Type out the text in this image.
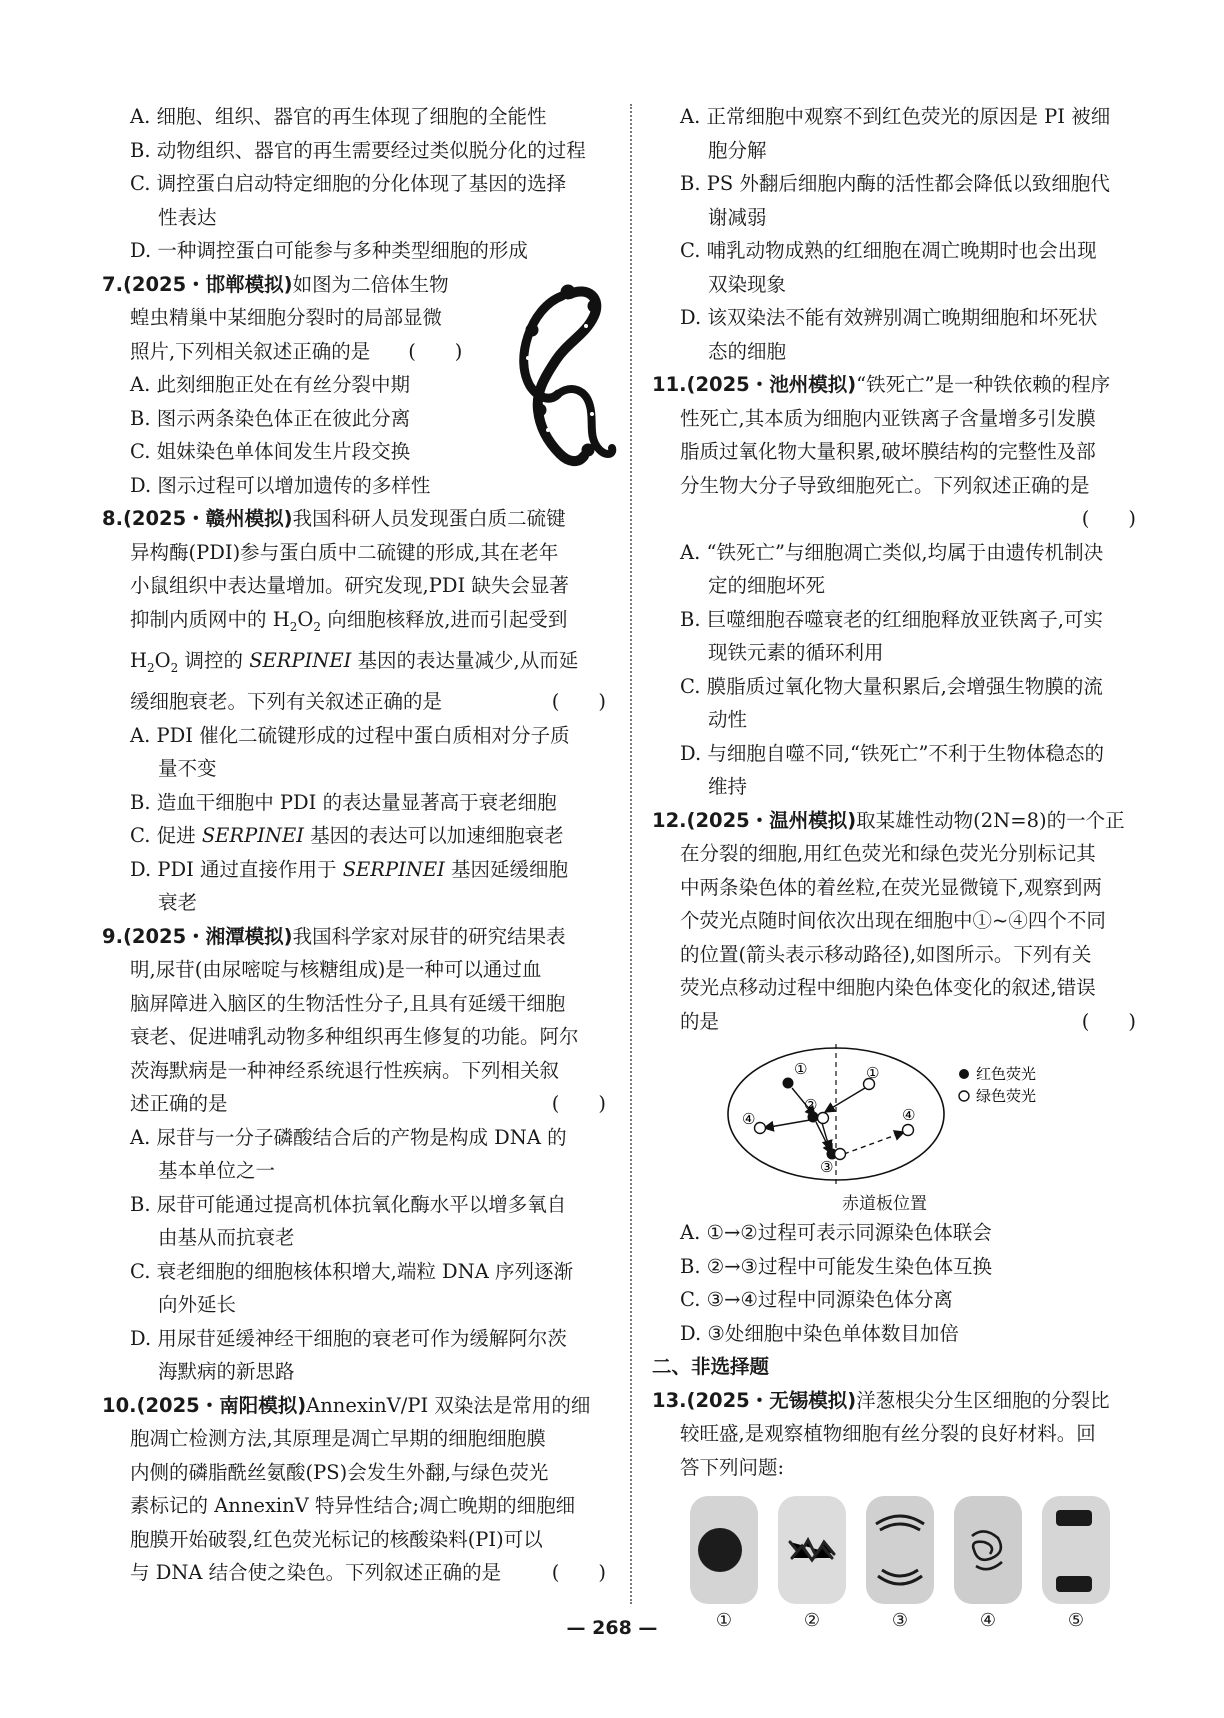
A. 细胞、组织、器官的再生体现了细胞的全能性
B. 动物组织、器官的再生需要经过类似脱分化的过程
C. 调控蛋白启动特定细胞的分化体现了基因的选择
性表达
D. 一种调控蛋白可能参与多种类型细胞的形成
7.(2025・邯郸模拟)如图为二倍体生物
蝗虫精巢中某细胞分裂时的局部显微
照片,下列相关叙述正确的是 (　　)
A. 此刻细胞正处在有丝分裂中期
B. 图示两条染色体正在彼此分离
C. 姐妹染色单体间发生片段交换
D. 图示过程可以增加遗传的多样性
8.(2025・赣州模拟)我国科研人员发现蛋白质二硫键
异构酶(PDI)参与蛋白质中二硫键的形成,其在老年
小鼠组织中表达量增加。研究发现,PDI 缺失会显著
抑制内质网中的 $H_2O_2$ 向细胞核释放,进而引起受到
$H_2O_2$ 调控的 SERPINEI 基因的表达量减少,从而延
缓细胞衰老。下列有关叙述正确的是	(　　)
A. PDI 催化二硫键形成的过程中蛋白质相对分子质
量不变
B. 造血干细胞中 PDI 的表达量显著高于衰老细胞
C. 促进 SERPINEI 基因的表达可以加速细胞衰老
D. PDI 通过直接作用于 SERPINEI 基因延缓细胞
衰老
9.(2025・湘潭模拟)我国科学家对尿苷的研究结果表
明,尿苷(由尿嘧啶与核糖组成)是一种可以通过血
脑屏障进入脑区的生物活性分子,且具有延缓干细胞
衰老、促进哺乳动物多种组织再生修复的功能。阿尔
茨海默病是一种神经系统退行性疾病。下列相关叙
述正确的是	(　　)
A. 尿苷与一分子磷酸结合后的产物是构成 DNA 的
基本单位之一
B. 尿苷可能通过提高机体抗氧化酶水平以增多氧自
由基从而抗衰老
C. 衰老细胞的细胞核体积增大,端粒 DNA 序列逐渐
向外延长
D. 用尿苷延缓神经干细胞的衰老可作为缓解阿尔茨
海默病的新思路
10.(2025・南阳模拟)AnnexinV/PI 双染法是常用的细
胞凋亡检测方法,其原理是凋亡早期的细胞细胞膜
内侧的磷脂酰丝氨酸(PS)会发生外翻,与绿色荧光
素标记的 AnnexinV 特异性结合;凋亡晚期的细胞细
胞膜开始破裂,红色荧光标记的核酸染料(PI)可以
与 DNA 结合使之染色。下列叙述正确的是	(　　)
A. 正常细胞中观察不到红色荧光的原因是 PI 被细
胞分解
B. PS 外翻后细胞内酶的活性都会降低以致细胞代
谢减弱
C. 哺乳动物成熟的红细胞在凋亡晚期时也会出现
双染现象
D. 该双染法不能有效辨别凋亡晚期细胞和坏死状
态的细胞
11.(2025・池州模拟)“铁死亡”是一种铁依赖的程序
性死亡,其本质为细胞内亚铁离子含量增多引发膜
脂质过氧化物大量积累,破坏膜结构的完整性及部
分生物大分子导致细胞死亡。下列叙述正确的是
(　　)
A. “铁死亡”与细胞凋亡类似,均属于由遗传机制决
定的细胞坏死
B. 巨噬细胞吞噬衰老的红细胞释放亚铁离子,可实
现铁元素的循环利用
C. 膜脂质过氧化物大量积累后,会增强生物膜的流
动性
D. 与细胞自噬不同,“铁死亡”不利于生物体稳态的
维持
12.(2025・温州模拟)取某雄性动物(2N=8)的一个正
在分裂的细胞,用红色荧光和绿色荧光分别标记其
中两条染色体的着丝粒,在荧光显微镜下,观察到两
个荧光点随时间依次出现在细胞中①~④四个不同
的位置(箭头表示移动路径),如图所示。下列有关
荧光点移动过程中细胞内染色体变化的叙述,错误
的是	(　　)
①	①
②
③
④	④
红色荧光
绿色荧光
赤道板位置
A. ①→②过程可表示同源染色体联会
B. ②→③过程中可能发生染色体互换
C. ③→④过程中同源染色体分离
D. ③处细胞中染色单体数目加倍
二、非选择题
13.(2025・无锡模拟)洋葱根尖分生区细胞的分裂比
较旺盛,是观察植物细胞有丝分裂的良好材料。回
答下列问题:
①	②	③	④	⑤
— 268 —
